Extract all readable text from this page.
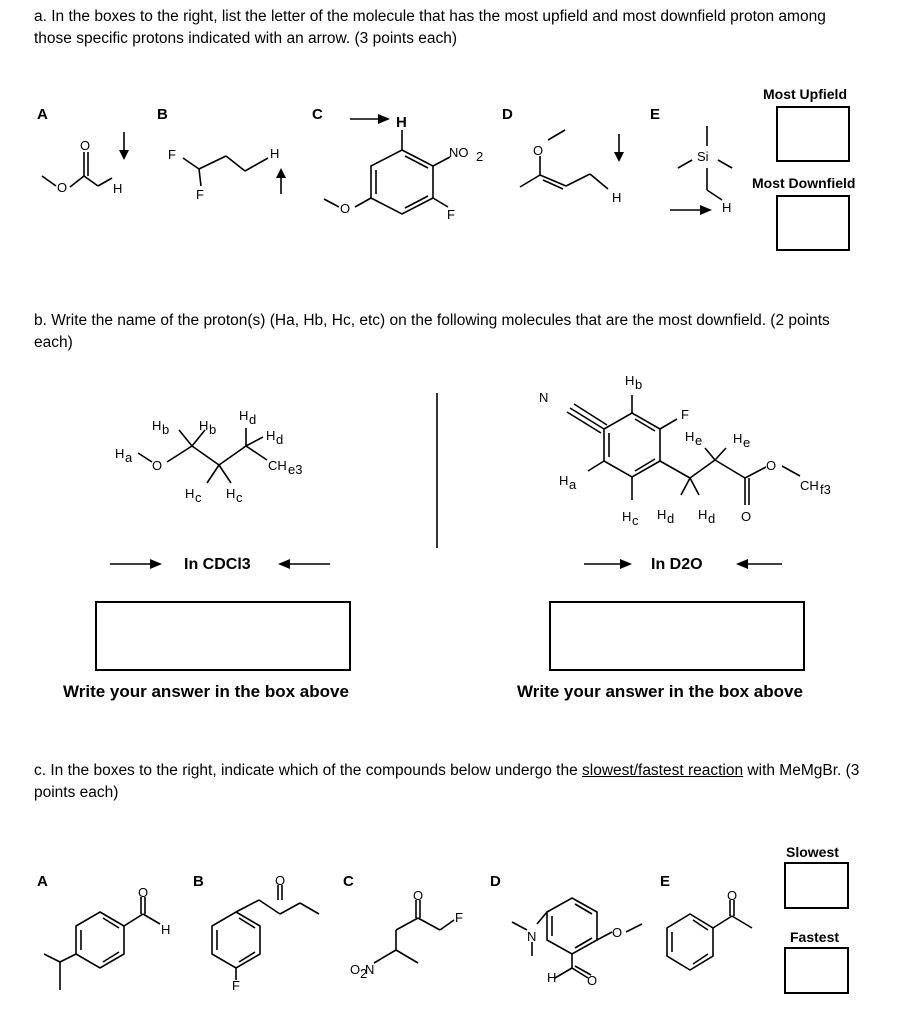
a. In the boxes to the right, list the letter of the molecule that has the most upfield and most downfield proton among those specific protons indicated with an arrow. (3 points each)
A	B	C	D	E
Most Upfield
Most Downfield
O
O
H
F
F
H
H
NO 2
F
O
O
H
Si
H
H b H b
H d
H d
H a
O	CH e3
H c H c
H b
N
F
H e H e
O
CH f3
H a
H c H d H d O
O
H
O
F
O
F
O 2
N
N
H O
O
O
b. Write the name of the proton(s) (Ha, Hb, Hc, etc) on the following molecules that are the most downfield. (2 points each)
In CDCl3	In D2O
Write your answer in the box above	Write your answer in the box above
c. In the boxes to the right, indicate which of the compounds below undergo the slowest/fastest reaction with MeMgBr. (3 points each)
A	B	C	D	E
Slowest
Fastest
